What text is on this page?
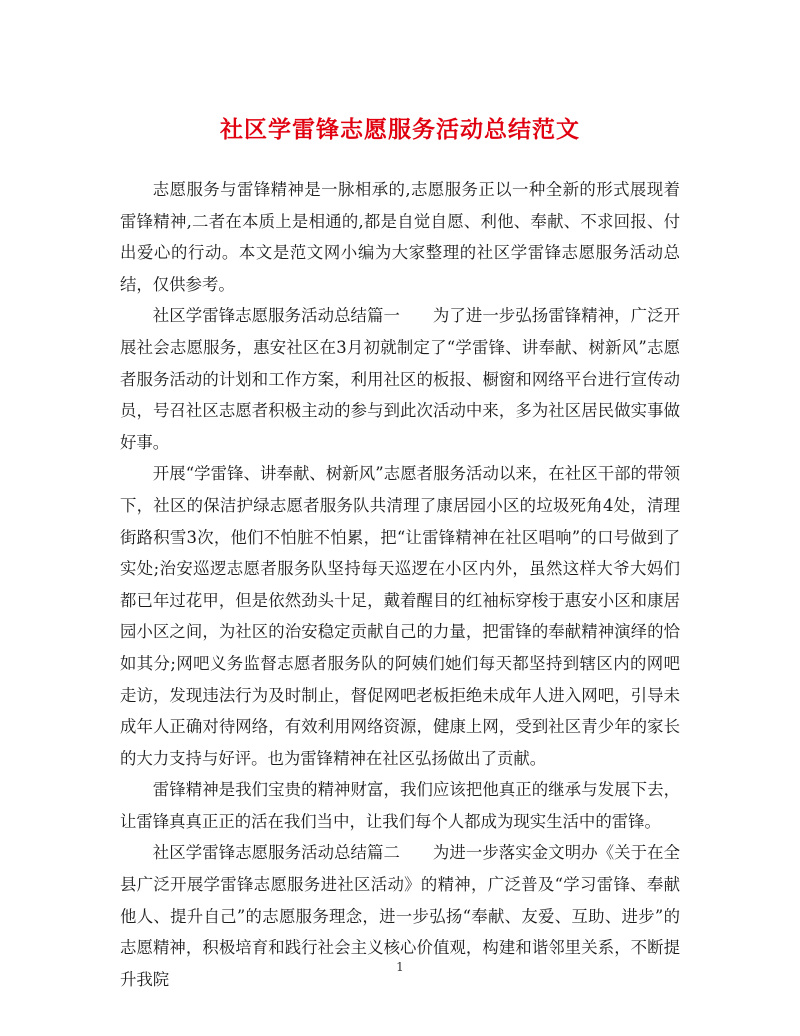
社区学雷锋志愿服务活动总结范文

志愿服务与雷锋精神是一脉相承的,志愿服务正以一种全新的形式展现着雷锋精神,二者在本质上是相通的,都是自觉自愿、利他、奉献、不求回报、付出爱心的行动。本文是范文网小编为大家整理的社区学雷锋志愿服务活动总结，仅供参考。

社区学雷锋志愿服务活动总结篇一 为了进一步弘扬雷锋精神，广泛开展社会志愿服务，惠安社区在3月初就制定了“学雷锋、讲奉献、树新风”志愿者服务活动的计划和工作方案，利用社区的板报、橱窗和网络平台进行宣传动员，号召社区志愿者积极主动的参与到此次活动中来，多为社区居民做实事做好事。

开展“学雷锋、讲奉献、树新风”志愿者服务活动以来，在社区干部的带领下，社区的保洁护绿志愿者服务队共清理了康居园小区的垃圾死角4处，清理街路积雪3次，他们不怕脏不怕累，把“让雷锋精神在社区唱响”的口号做到了实处;治安巡逻志愿者服务队坚持每天巡逻在小区内外，虽然这样大爷大妈们都已年过花甲，但是依然劲头十足，戴着醒目的红袖标穿梭于惠安小区和康居园小区之间，为社区的治安稳定贡献自己的力量，把雷锋的奉献精神演绎的恰如其分;网吧义务监督志愿者服务队的阿姨们她们每天都坚持到辖区内的网吧走访，发现违法行为及时制止，督促网吧老板拒绝未成年人进入网吧，引导未成年人正确对待网络，有效利用网络资源，健康上网，受到社区青少年的家长的大力支持与好评。也为雷锋精神在社区弘扬做出了贡献。

雷锋精神是我们宝贵的精神财富，我们应该把他真正的继承与发展下去，让雷锋真真正正的活在我们当中，让我们每个人都成为现实生活中的雷锋。

社区学雷锋志愿服务活动总结篇二 为进一步落实金文明办《关于在全县广泛开展学雷锋志愿服务进社区活动》的精神，广泛普及“学习雷锋、奉献他人、提升自己”的志愿服务理念，进一步弘扬“奉献、友爱、互助、进步”的志愿精神，积极培育和践行社会主义核心价值观，构建和谐邻里关系，不断提升我院

1
